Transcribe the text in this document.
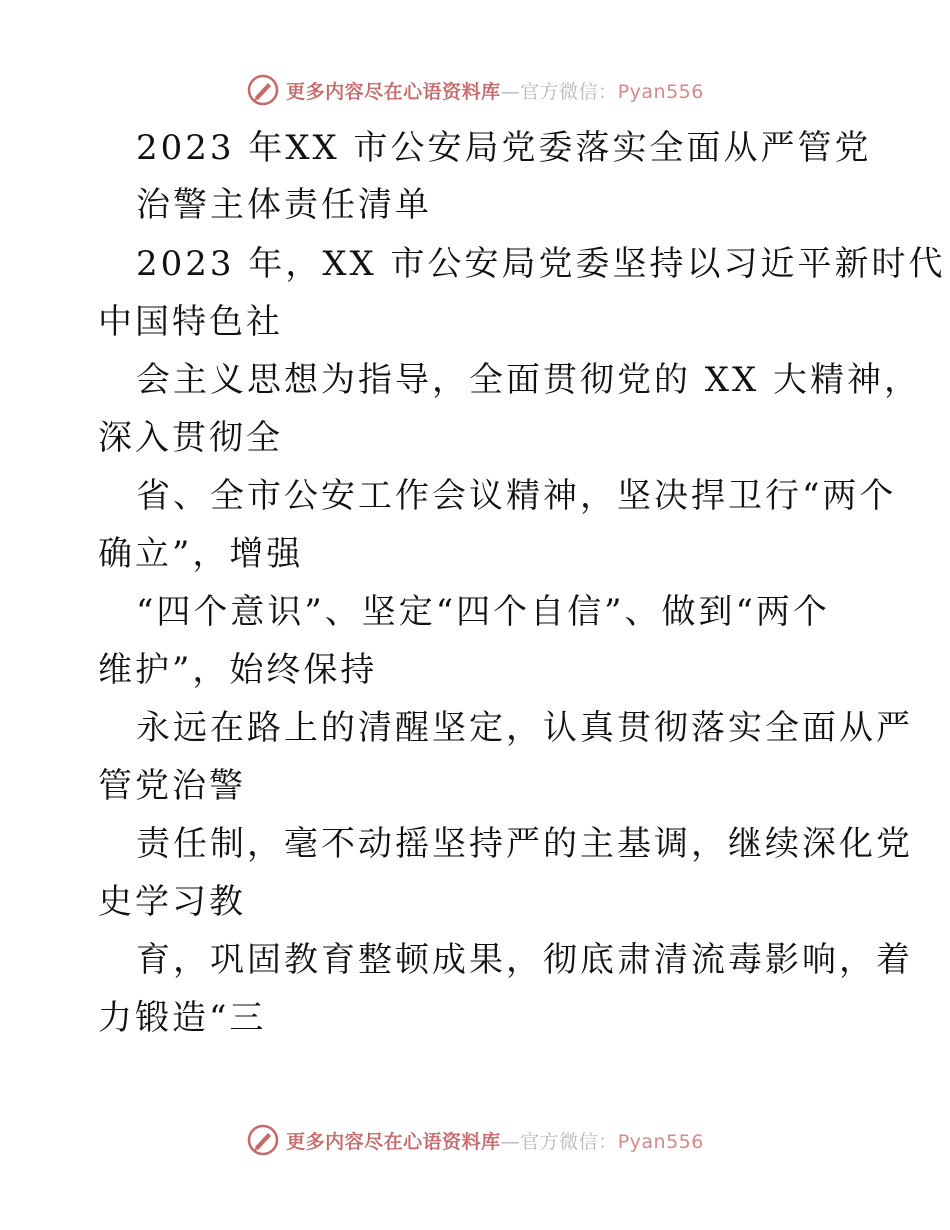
更多内容尽在心语资料库—官方微信：Pyan556
2023 年XX 市公安局党委落实全面从严管党
治警主体责任清单
2023 年，XX 市公安局党委坚持以习近平新时代
中国特色社
会主义思想为指导，全面贯彻党的 XX 大精神，
深入贯彻全
省、全市公安工作会议精神，坚决捍卫行“两个
确立”，增强
“四个意识”、坚定“四个自信”、做到“两个
维护”，始终保持
永远在路上的清醒坚定，认真贯彻落实全面从严
管党治警
责任制，毫不动摇坚持严的主基调，继续深化党
史学习教
育，巩固教育整顿成果，彻底肃清流毒影响，着
力锻造“三
更多内容尽在心语资料库—官方微信：Pyan556
